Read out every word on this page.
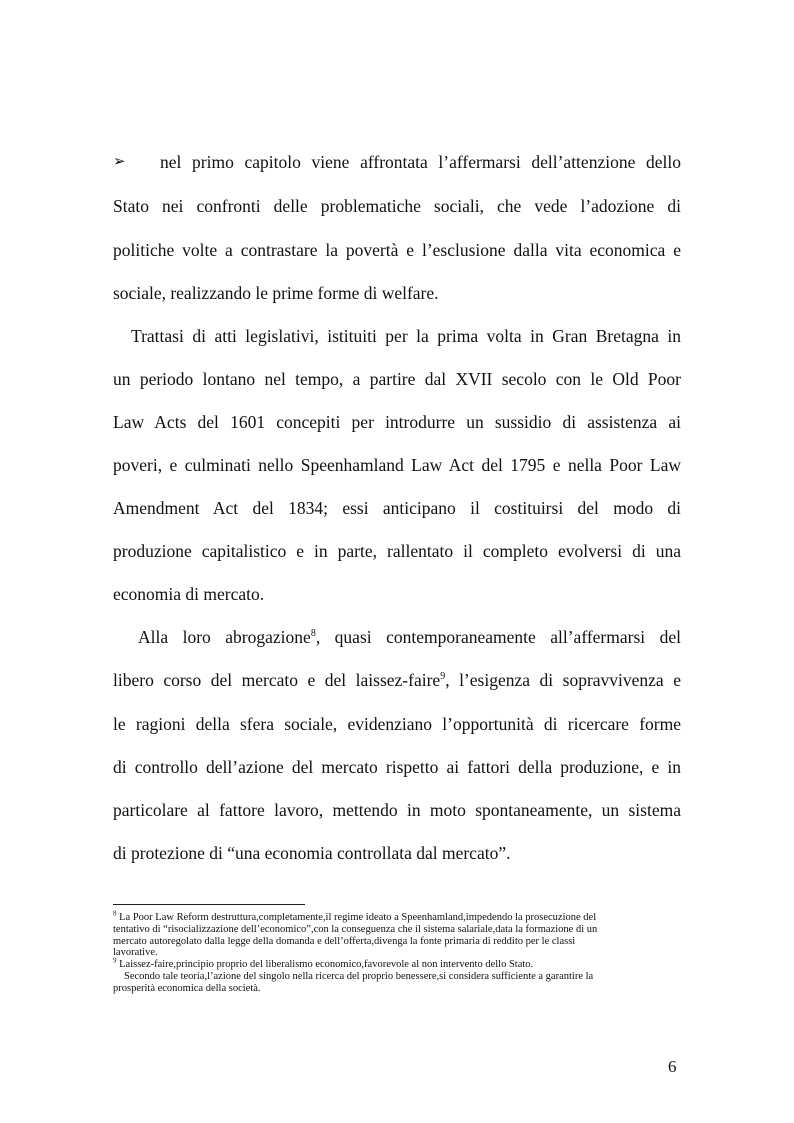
➢ nel primo capitolo viene affrontata l’affermarsi dell’attenzione dello
Stato nei confronti delle problematiche sociali, che vede l’adozione di
politiche volte a contrastare la povertà e l’esclusione dalla vita economica e
sociale, realizzando le prime forme di welfare.
Trattasi di atti legislativi, istituiti per la prima volta in Gran Bretagna in
un periodo lontano nel tempo, a partire dal XVII secolo con le Old Poor
Law Acts del 1601 concepiti per introdurre un sussidio di assistenza ai
poveri, e culminati nello Speenhamland Law Act del 1795 e nella Poor Law
Amendment Act del 1834; essi anticipano il costituirsi del modo di
produzione capitalistico e in parte, rallentato il completo evolversi di una
economia di mercato.
Alla loro abrogazione$^8$, quasi contemporaneamente all’affermarsi del
libero corso del mercato e del laissez-faire$^9$, l’esigenza di sopravvivenza e
le ragioni della sfera sociale, evidenziano l’opportunità di ricercare forme
di controllo dell’azione del mercato rispetto ai fattori della produzione, e in
particolare al fattore lavoro, mettendo in moto spontaneamente, un sistema
di protezione di “una economia controllata dal mercato”.
$^8$ La Poor Law Reform destruttura,completamente,il regime ideato a Speenhamland,impedendo la prosecuzione del
tentativo di “risocializzazione dell’economico”,con la conseguenza che il sistema salariale,data la formazione di un
mercato autoregolato dalla legge della domanda e dell’offerta,divenga la fonte primaria di reddito per le classi
lavorative.
$^9$ Laissez-faire,principio proprio del liberalismo economico,favorevole al non intervento dello Stato.
Secondo tale teoria,l’azione del singolo nella ricerca del proprio benessere,si considera sufficiente a garantire la
prosperità economica della società.
6
